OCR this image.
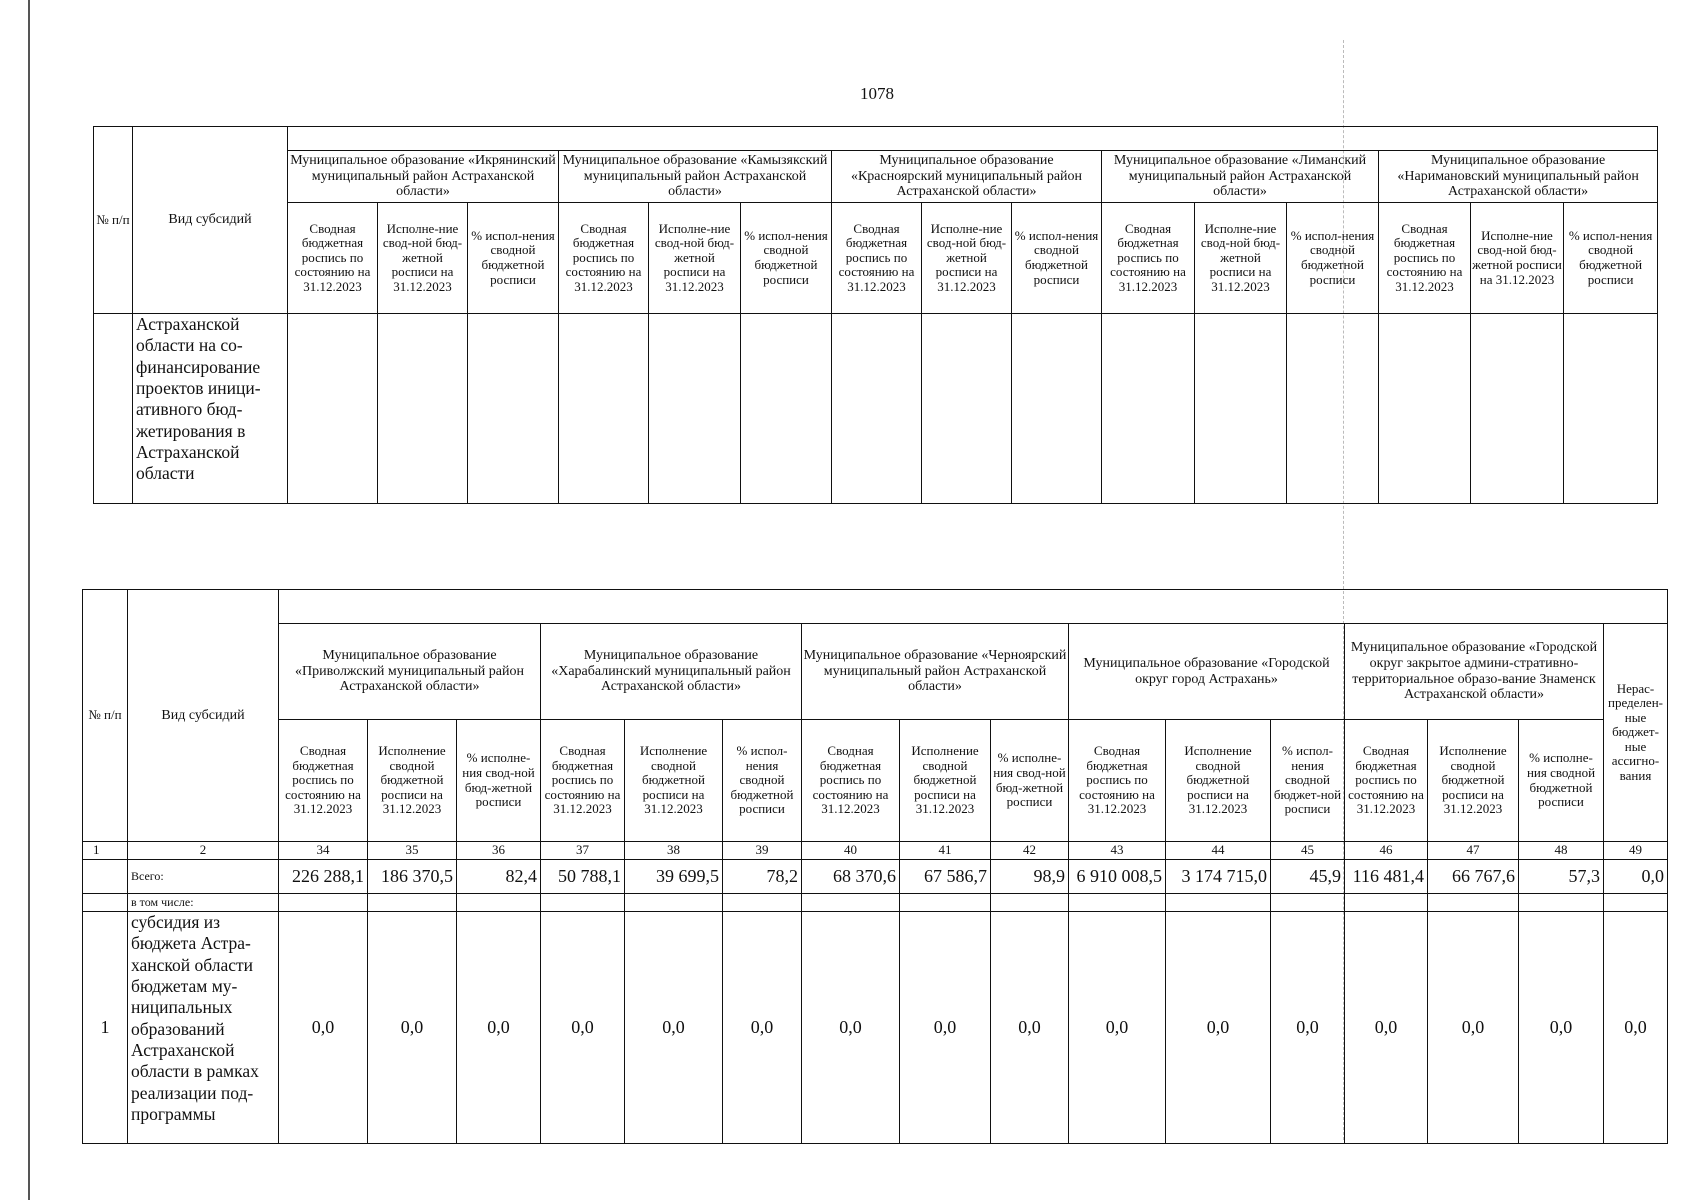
1078
№ п/п	Вид субсидий															
		Муниципальное образование «Икрянинский муниципальный район Астраханской области»			Муниципальное образование «Камызякский муниципальный район Астраханской области»			Муниципальное образование «Красноярский муниципальный район Астраханской области»			Муниципальное образование «Лиманский муниципальный район Астраханской области»			Муниципальное образование «Наримановский муниципальный район Астраханской области»		
		Сводная бюджетная роспись по состоянию на 31.12.2023	Исполне-ние свод-ной бюд-жетной росписи на 31.12.2023	% испол-нения сводной бюджетной росписи	Сводная бюджетная роспись по состоянию на 31.12.2023	Исполне-ние свод-ной бюд-жетной росписи на 31.12.2023	% испол-нения сводной бюджетной росписи	Сводная бюджетная роспись по состоянию на 31.12.2023	Исполне-ние свод-ной бюд-жетной росписи на 31.12.2023	% испол-нения сводной бюджетной росписи	Сводная бюджетная роспись по состоянию на 31.12.2023	Исполне-ние свод-ной бюд-жетной росписи на 31.12.2023	% испол-нения сводной бюджетной росписи	Сводная бюджетная роспись по состоянию на 31.12.2023	Исполне-ние свод-ной бюд-жетной росписи на 31.12.2023	% испол-нения сводной бюджетной росписи
	Астраханской области на со-финансирование проектов иници-ативного бюд-жетирования в Астраханской области															
№ п/п	Вид субсидий																
		Муниципальное образование «Приволжский муниципальный район Астраханской области»			Муниципальное образование «Харабалинский муниципальный район Астраханской области»			Муниципальное образование «Черноярский муниципальный район Астраханской области»			Муниципальное образование «Городской округ город Астрахань»			Муниципальное образование «Городской округ закрытое админи-стративно-территориальное образо-вание Знаменск Астраханской области»			Нерас-пределен-ные бюджет-ные ассигно-вания
		Сводная бюджетная роспись по состоянию на 31.12.2023	Исполнение сводной бюджетной росписи на 31.12.2023	% исполне-ния свод-ной бюд-жетной росписи	Сводная бюджетная роспись по состоянию на 31.12.2023	Исполнение сводной бюджетной росписи на 31.12.2023	% испол-нения сводной бюджетной росписи	Сводная бюджетная роспись по состоянию на 31.12.2023	Исполнение сводной бюджетной росписи на 31.12.2023	% исполне-ния свод-ной бюд-жетной росписи	Сводная бюджетная роспись по состоянию на 31.12.2023	Исполнение сводной бюджетной росписи на 31.12.2023	% испол-нения сводной бюджет-ной росписи	Сводная бюджетная роспись по состоянию на 31.12.2023	Исполнение сводной бюджетной росписи на 31.12.2023	% исполне-ния сводной бюджетной росписи	
1	2	34	35	36	37	38	39	40	41	42	43	44	45	46	47	48	49
	Всего:	226 288,1	186 370,5	82,4	50 788,1	39 699,5	78,2	68 370,6	67 586,7	98,9	6 910 008,5	3 174 715,0	45,9	116 481,4	66 767,6	57,3	0,0
	в том числе:																
1	субсидия из бюджета Астра-ханской области бюджетам му-ниципальных образований Астраханской области в рамках реализации под-программы	0,0	0,0	0,0	0,0	0,0	0,0	0,0	0,0	0,0	0,0	0,0	0,0	0,0	0,0	0,0	0,0
